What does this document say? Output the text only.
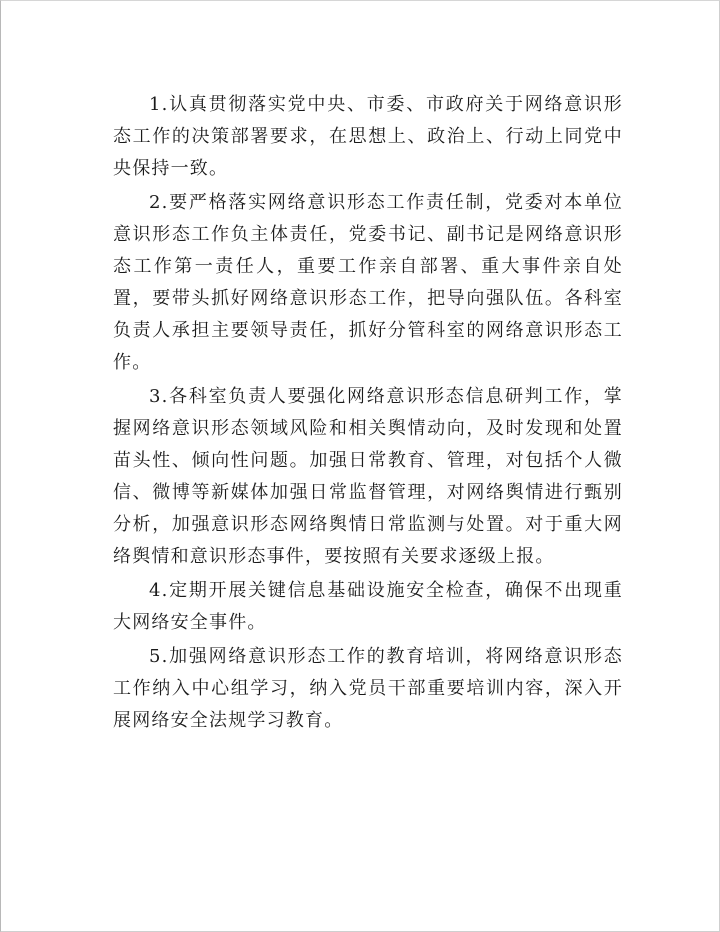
1.认真贯彻落实党中央、市委、市政府关于网络意识形态工作的决策部署要求，在思想上、政治上、行动上同党中央保持一致。

2.要严格落实网络意识形态工作责任制，党委对本单位意识形态工作负主体责任，党委书记、副书记是网络意识形态工作第一责任人，重要工作亲自部署、重大事件亲自处置，要带头抓好网络意识形态工作，把导向强队伍。各科室负责人承担主要领导责任，抓好分管科室的网络意识形态工作。

3.各科室负责人要强化网络意识形态信息研判工作，掌握网络意识形态领域风险和相关舆情动向，及时发现和处置苗头性、倾向性问题。加强日常教育、管理，对包括个人微信、微博等新媒体加强日常监督管理，对网络舆情进行甄别分析，加强意识形态网络舆情日常监测与处置。对于重大网络舆情和意识形态事件，要按照有关要求逐级上报。

4.定期开展关键信息基础设施安全检查，确保不出现重大网络安全事件。

5.加强网络意识形态工作的教育培训，将网络意识形态工作纳入中心组学习，纳入党员干部重要培训内容，深入开展网络安全法规学习教育。
